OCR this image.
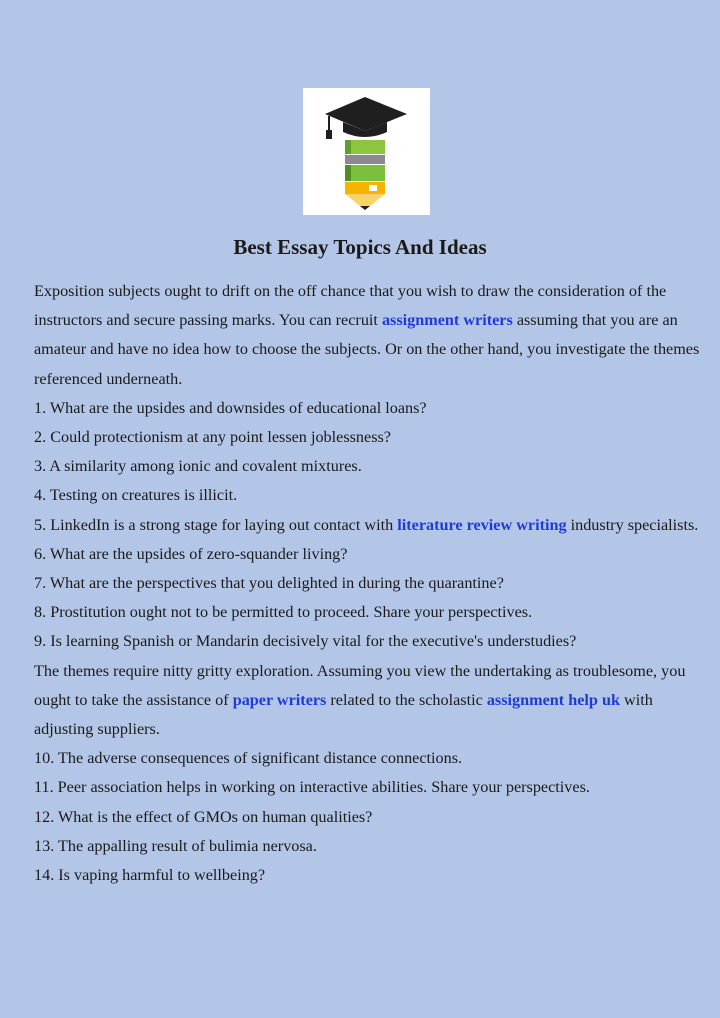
Best Essay Topics And Ideas

Exposition subjects ought to drift on the off chance that you wish to draw the consideration of the instructors and secure passing marks. You can recruit assignment writers assuming that you are an amateur and have no idea how to choose the subjects. Or on the other hand, you investigate the themes referenced underneath.

1. What are the upsides and downsides of educational loans?

2. Could protectionism at any point lessen joblessness?

3. A similarity among ionic and covalent mixtures.

4. Testing on creatures is illicit.

5. LinkedIn is a strong stage for laying out contact with literature review writing industry specialists.

6. What are the upsides of zero-squander living?

7. What are the perspectives that you delighted in during the quarantine?

8. Prostitution ought not to be permitted to proceed. Share your perspectives.

9. Is learning Spanish or Mandarin decisively vital for the executive's understudies?

The themes require nitty gritty exploration. Assuming you view the undertaking as troublesome, you ought to take the assistance of paper writers related to the scholastic assignment help uk with adjusting suppliers.

10. The adverse consequences of significant distance connections.

11. Peer association helps in working on interactive abilities. Share your perspectives.

12. What is the effect of GMOs on human qualities?

13. The appalling result of bulimia nervosa.

14. Is vaping harmful to wellbeing?
